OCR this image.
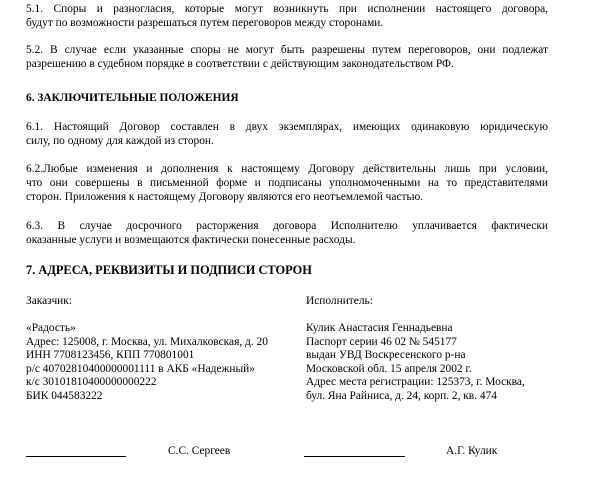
5.1. Споры и разногласия, которые могут возникнуть при исполнении настоящего договора,
будут по возможности разрешаться путем переговоров между сторонами.
5.2. В случае если указанные споры не могут быть разрешены путем переговоров, они подлежат
разрешению в судебном порядке в соответствии с действующим законодательством РФ.
6. ЗАКЛЮЧИТЕЛЬНЫЕ ПОЛОЖЕНИЯ
6.1. Настоящий Договор составлен в двух экземплярах, имеющих одинаковую юридическую
силу, по одному для каждой из сторон.
6.2.Любые изменения и дополнения к настоящему Договору действительны лишь при условии,
что они совершены в письменной форме и подписаны уполномоченными на то представителями
сторон. Приложения к настоящему Договору являются его неотъемлемой частью.
6.3. В случае досрочного расторжения договора Исполнителю уплачивается фактически
оказанные услуги и возмещаются фактически понесенные расходы.
7. АДРЕСА, РЕКВИЗИТЫ И ПОДПИСИ СТОРОН
Заказчик:
«Радость»
Адрес: 125008, г. Москва, ул. Михалковская, д. 20
ИНН 7708123456, КПП 770801001
р/с 40702810400000001111 в АКБ «Надежный»
к/с 30101810400000000222
БИК 044583222
Исполнитель:
Кулик Анастасия Геннадьевна
Паспорт серии 46 02 № 545177
выдан УВД Воскресенского р-на
Московской обл. 15 апреля 2002 г.
Адрес места регистрации: 125373, г. Москва,
бул. Яна Райниса, д. 24, корп. 2, кв. 474
С.С. Сергеев	А.Г. Кулик
